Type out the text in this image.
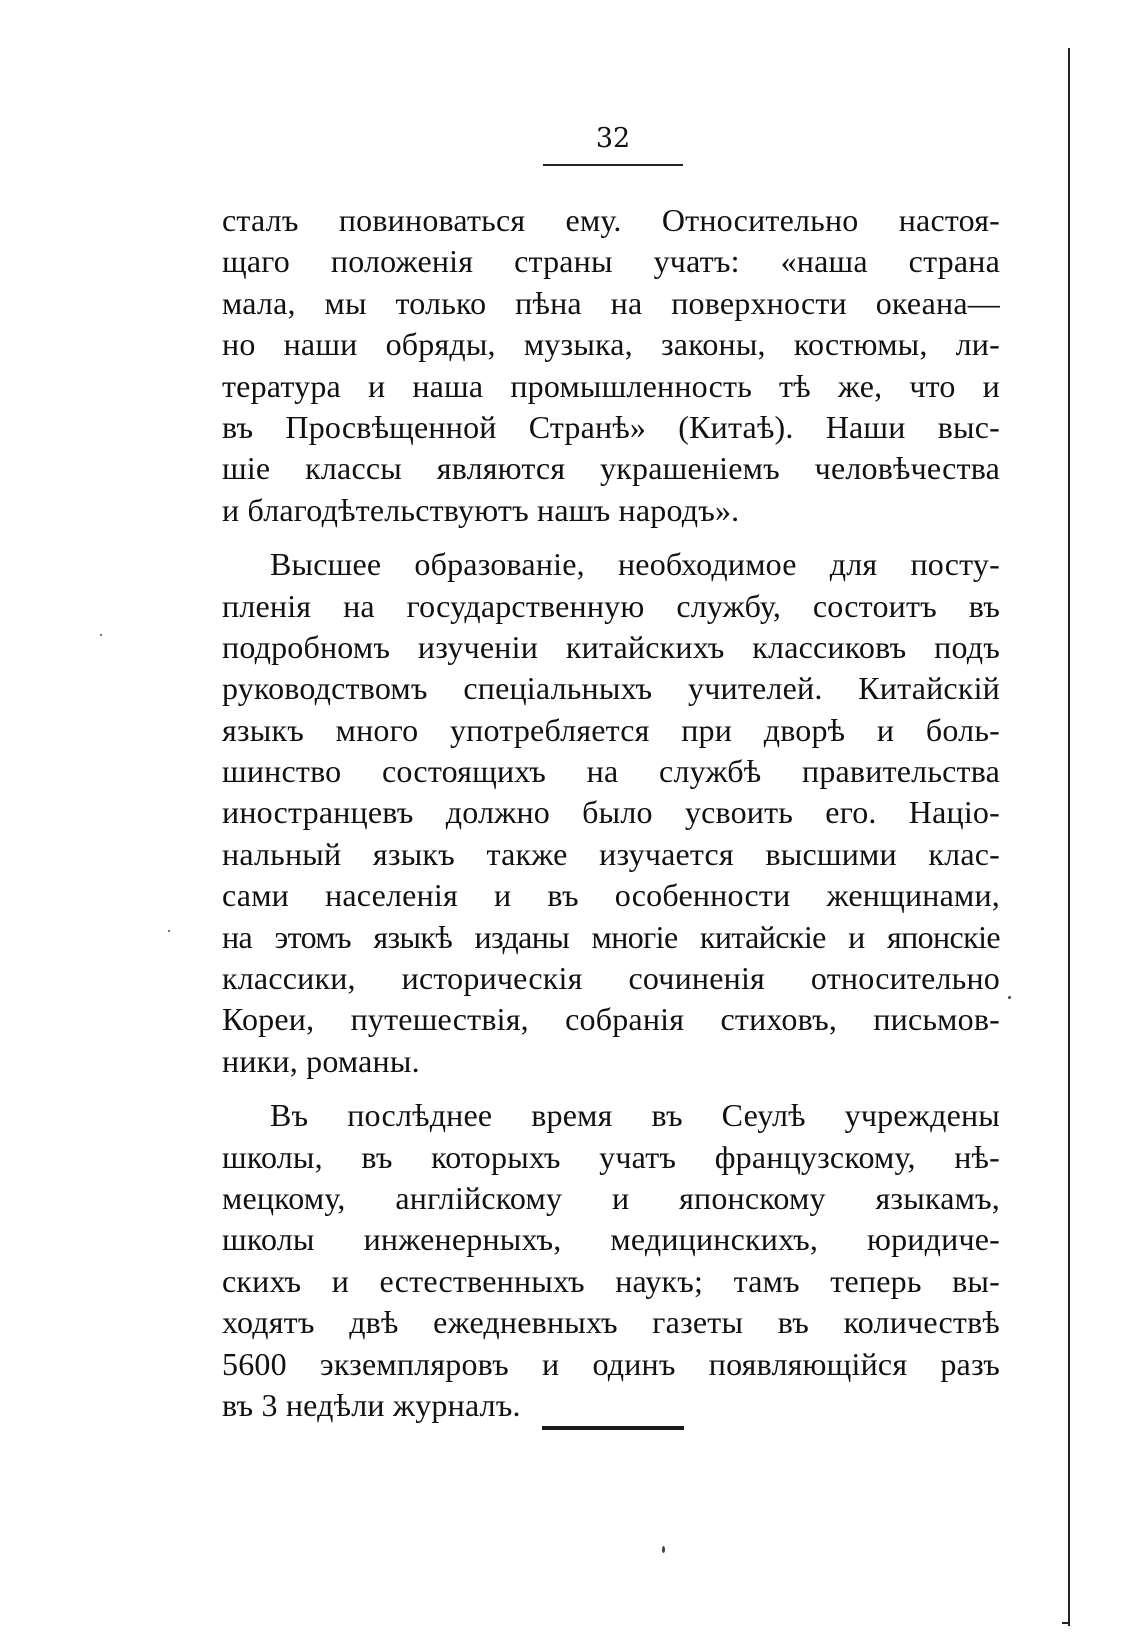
32
сталъ повиноваться ему. Относительно настоя-
щаго положенія страны учатъ: «наша страна
мала, мы только пѣна на поверхности океана—
но наши обряды, музыка, законы, костюмы, ли-
тература и наша промышленность тѣ же, что и
въ Просвѣщенной Странѣ» (Китаѣ). Наши выс-
шіе классы являются украшеніемъ человѣчества
и благодѣтельствуютъ нашъ народъ».
Высшее образованіе, необходимое для посту-
пленія на государственную службу, состоитъ въ
подробномъ изученіи китайскихъ классиковъ подъ
руководствомъ спеціальныхъ учителей. Китайскій
языкъ много употребляется при дворѣ и боль-
шинство состоящихъ на службѣ правительства
иностранцевъ должно было усвоить его. Націо-
нальный языкъ также изучается высшими клас-
сами населенія и въ особенности женщинами,
на этомъ языкѣ изданы многіе китайскіе и японскіе
классики, историческія сочиненія относительно
Кореи, путешествія, собранія стиховъ, письмов-
ники, романы.
Въ послѣднее время въ Сеулѣ учреждены
школы, въ которыхъ учатъ французскому, нѣ-
мецкому, англійскому и японскому языкамъ,
школы инженерныхъ, медицинскихъ, юридиче-
скихъ и естественныхъ наукъ; тамъ теперь вы-
ходятъ двѣ ежедневныхъ газеты въ количествѣ
5600 экземпляровъ и одинъ появляющійся разъ
въ 3 недѣли журналъ.
